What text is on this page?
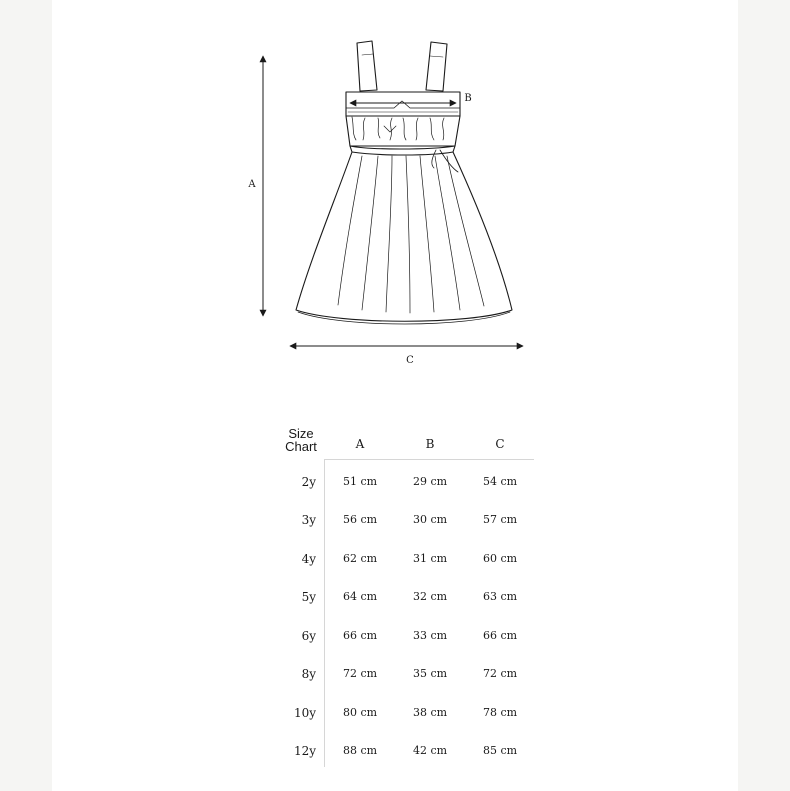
A
B
C
Size
Chart	A	B	C
2y	51 cm	29 cm	54 cm
3y	56 cm	30 cm	57 cm
4y	62 cm	31 cm	60 cm
5y	64 cm	32 cm	63 cm
6y	66 cm	33 cm	66 cm
8y	72 cm	35 cm	72 cm
10y	80 cm	38 cm	78 cm
12y	88 cm	42 cm	85 cm
